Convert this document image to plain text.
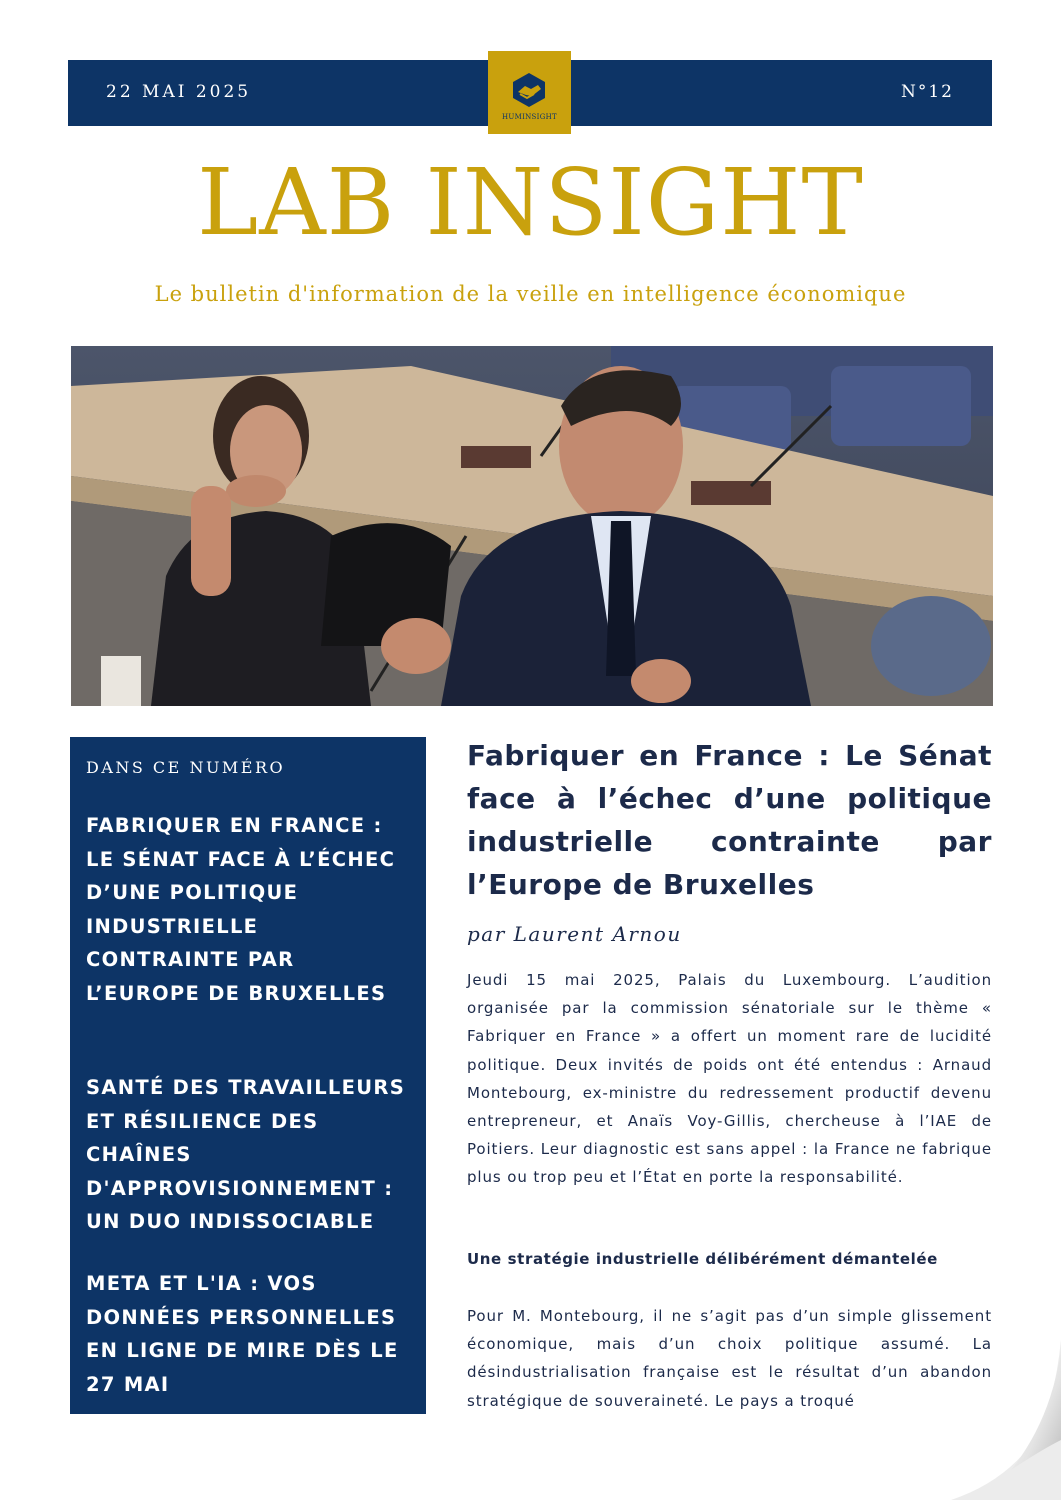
22 MAI 2025	N°12
HUMINSIGHT
LAB INSIGHT
Le bulletin d'information de la veille en intelligence économique
DANS CE NUMÉRO
FABRIQUER EN FRANCE : LE SÉNAT FACE À L’ÉCHEC D’UNE POLITIQUE INDUSTRIELLE CONTRAINTE PAR L’EUROPE DE BRUXELLES
SANTÉ DES TRAVAILLEURS ET RÉSILIENCE DES CHAÎNES D'APPROVISIONNEMENT : UN DUO INDISSOCIABLE
META ET L'IA : VOS DONNÉES PERSONNELLES EN LIGNE DE MIRE DÈS LE 27 MAI
Fabriquer en France : Le Sénat face à l’échec d’une politique industrielle contrainte par l’Europe de Bruxelles
par Laurent Arnou

Jeudi 15 mai 2025, Palais du Luxembourg. L’audition organisée par la commission sénatoriale sur le thème « Fabriquer en France » a offert un moment rare de lucidité politique. Deux invités de poids ont été entendus : Arnaud Montebourg, ex-ministre du redressement productif devenu entrepreneur, et Anaïs Voy-Gillis, chercheuse à l’IAE de Poitiers. Leur diagnostic est sans appel : la France ne fabrique plus ou trop peu et l’État en porte la responsabilité.

Une stratégie industrielle délibérément démantelée

Pour M. Montebourg, il ne s’agit pas d’un simple glissement économique, mais d’un choix politique assumé. La désindustrialisation française est le résultat d’un abandon stratégique de souveraineté. Le pays a troqué
